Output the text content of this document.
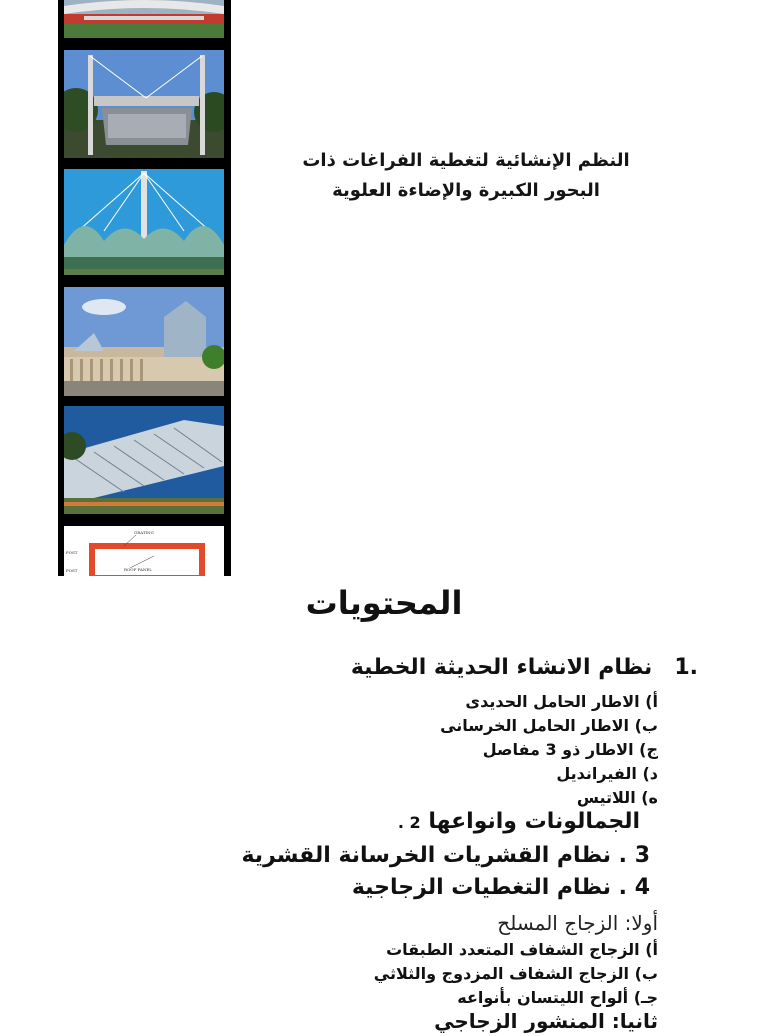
GRATING
ROOF PANEL
POST
POST
النظم الإنشائية لتغطية الفراغات ذات
البحور الكبيرة والإضاءة العلوية
المحتويات
.1نظام الانشاء الحديثة الخطية
أ) الاطار الحامل الحديدى
ب) الاطار الحامل الخرسانى
ج) الاطار ذو 3 مفاصل
د) الفيرانديل
ه) اللاتيس
الجمالونات وانواعها 2 .
3 . نظام القشريات الخرسانة القشرية
4 . نظام التغطيات الزجاجية
أولا: الزجاج المسلح
أ) الزجاج الشفاف المتعدد الطبقات
ب) الزجاج الشفاف المزدوج والثلاثي
جـ) ألواح الليتسان بأنواعه
ثانيا: المنشور الزجاجي
